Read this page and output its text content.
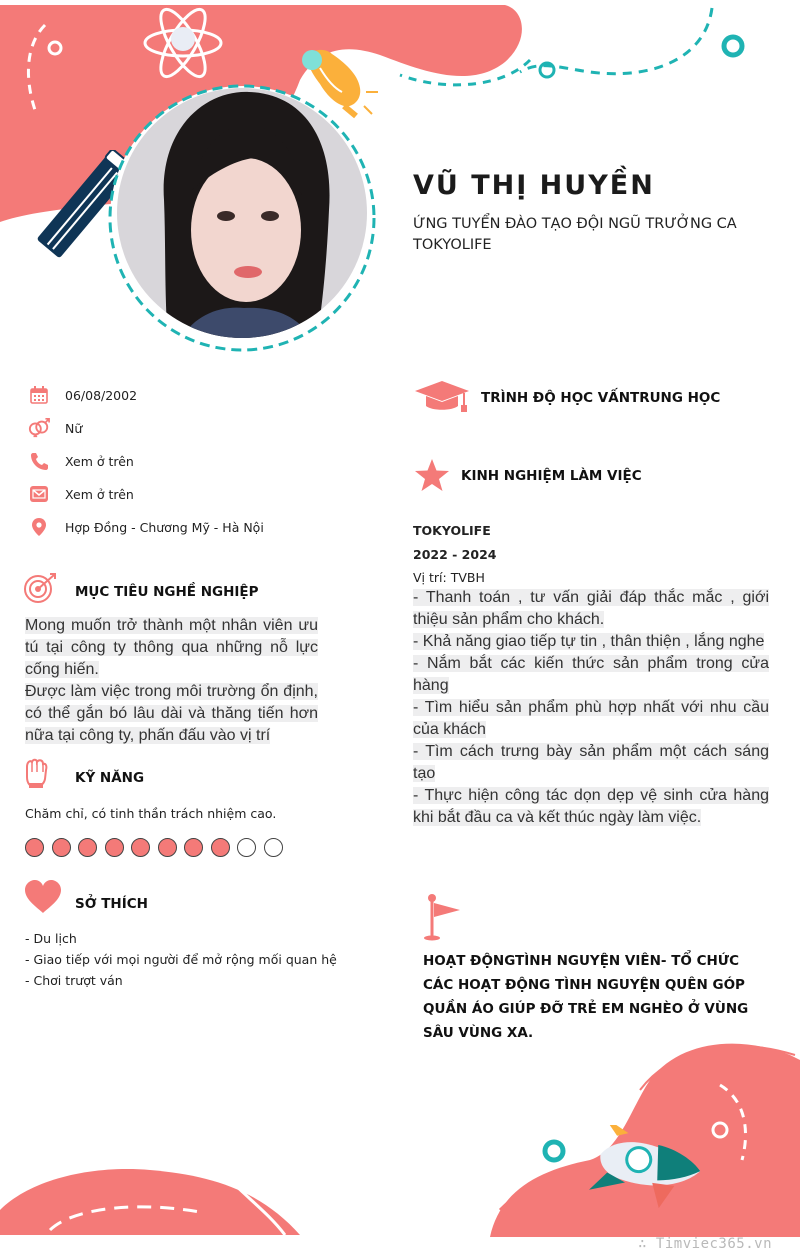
VŨ THỊ HUYỀN
ỨNG TUYỂN ĐÀO TẠO ĐỘI NGŨ TRƯỞNG CA TOKYOLIFE
06/08/2002
Nữ
Xem ở trên
Xem ở trên
Hợp Đồng - Chương Mỹ - Hà Nội
MỤC TIÊU NGHỀ NGHIỆP
Mong muốn trở thành một nhân viên ưu tú tại công ty thông qua những nỗ lực cống hiến.
Được làm việc trong môi trường ổn định, có thể gắn bó lâu dài và thăng tiến hơn nữa tại công ty, phấn đấu vào vị trí
KỸ NĂNG
Chăm chỉ, có tinh thần trách nhiệm cao.
SỞ THÍCH
- Du lịch
- Giao tiếp với mọi người để mở rộng mối quan hệ
- Chơi trượt ván
TRÌNH ĐỘ HỌC VẤNTRUNG HỌC
KINH NGHIỆM LÀM VIỆC
TOKYOLIFE
2022 - 2024
Vị trí: TVBH
- Thanh toán , tư vấn giải đáp thắc mắc , giới thiệu sản phẩm cho khách.
- Khả năng giao tiếp tự tin , thân thiện , lắng nghe
- Nắm bắt các kiến thức sản phẩm trong cửa hàng
- Tìm hiểu sản phẩm phù hợp nhất với nhu cầu của khách
- Tìm cách trưng bày sản phẩm một cách sáng tạo
- Thực hiện công tác dọn dẹp vệ sinh cửa hàng khi bắt đầu ca và kết thúc ngày làm việc.
HOẠT ĐỘNGTÌNH NGUYỆN VIÊN- TỔ CHỨC CÁC HOẠT ĐỘNG TÌNH NGUYỆN QUÊN GÓP QUẦN ÁO GIÚP ĐỠ TRẺ EM NGHÈO Ở VÙNG SÂU VÙNG XA.
∴ Timviec365.vn
